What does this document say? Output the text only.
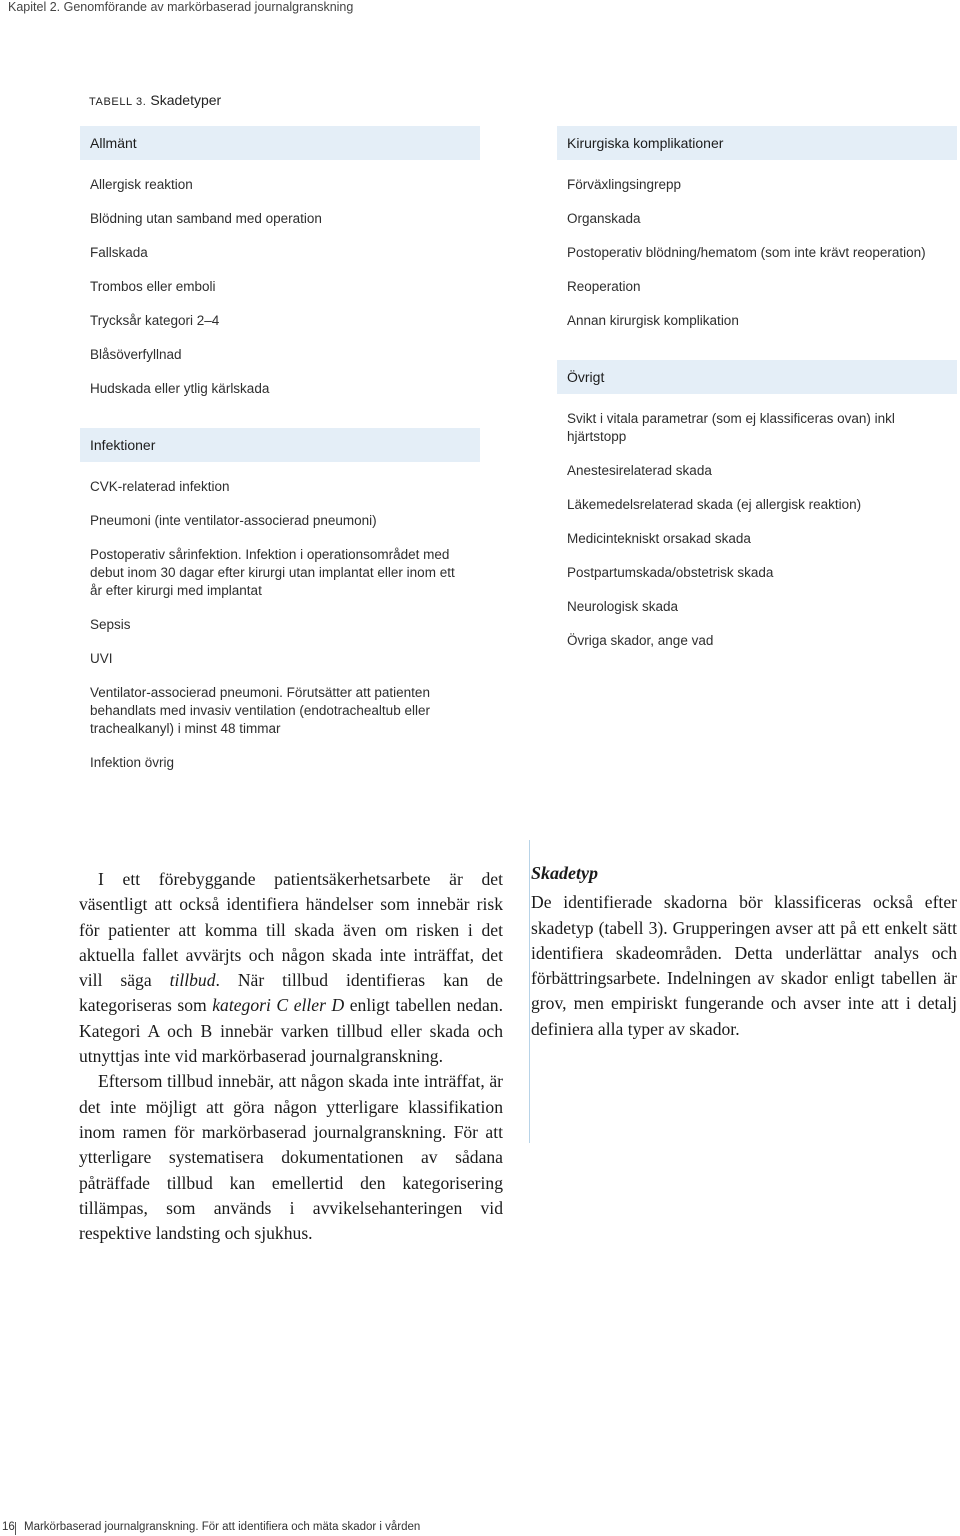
Kapitel 2. Genomförande av markörbaserad journalgranskning
TABELL 3. Skadetyper
Allmänt
Allergisk reaktion
Blödning utan samband med operation
Fallskada
Trombos eller emboli
Trycksår kategori 2–4
Blåsöverfyllnad
Hudskada eller ytlig kärlskada
Infektioner
CVK-relaterad infektion
Pneumoni (inte ventilator-associerad pneumoni)
Postoperativ sårinfektion. Infektion i operationsområdet med debut inom 30 dagar efter kirurgi utan implantat eller inom ett år efter kirurgi med implantat
Sepsis
UVI
Ventilator-associerad pneumoni. Förutsätter att patienten behandlats med invasiv ventilation (endotrachealtub eller trachealkanyl) i minst 48 timmar
Infektion övrig
Kirurgiska komplikationer
Förväxlingsingrepp
Organskada
Postoperativ blödning/hematom (som inte krävt reoperation)
Reoperation
Annan kirurgisk komplikation
Övrigt
Svikt i vitala parametrar (som ej klassificeras ovan) inkl hjärtstopp
Anestesirelaterad skada
Läkemedelsrelaterad skada (ej allergisk reaktion)
Medicintekniskt orsakad skada
Postpartumskada/obstetrisk skada
Neurologisk skada
Övriga skador, ange vad

I ett förebyggande patientsäkerhetsarbete är det väsentligt att också identifiera händelser som innebär risk för patienter att komma till skada även om risken i det aktuella fallet avvärjts och någon skada inte inträffat, det vill säga tillbud. När tillbud identifieras kan de kategoriseras som kategori C eller D enligt tabellen nedan. Kategori A och B innebär varken tillbud eller skada och utnyttjas inte vid markörbaserad journalgranskning.

Eftersom tillbud innebär, att någon skada inte inträffat, är det inte möjligt att göra någon ytterligare klassifikation inom ramen för markörbaserad journalgranskning. För att ytterligare systematisera dokumentationen av sådana påträffade tillbud kan emellertid den kategorisering tillämpas, som används i avvikelsehanteringen vid respektive landsting och sjukhus.

Skadetyp

De identifierade skadorna bör klassificeras också efter skadetyp (tabell 3). Grupperingen avser att på ett enkelt sätt identifiera skadeområden. Detta underlättar analys och förbättringsarbete. Indelningen av skador enligt tabellen är grov, men empiriskt fungerande och avser inte att i detalj definiera alla typer av skador.

16 Markörbaserad journalgranskning. För att identifiera och mäta skador i vården
